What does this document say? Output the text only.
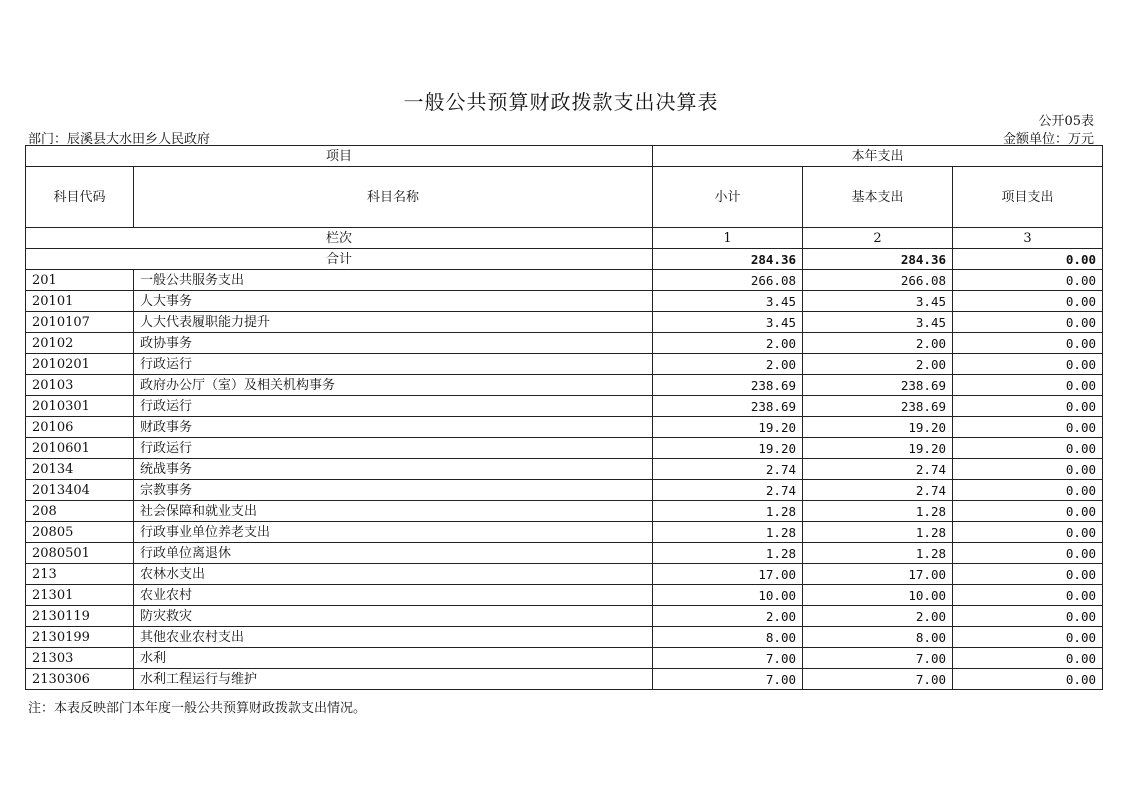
一般公共预算财政拨款支出决算表
公开05表
部门：辰溪县大水田乡人民政府	金额单位：万元
项目		本年支出		
科目代码	科目名称	小计	基本支出	项目支出
栏次		1	2	3
合计		284.36	284.36	0.00
201	一般公共服务支出	266.08	266.08	0.00
20101	人大事务	3.45	3.45	0.00
2010107	人大代表履职能力提升	3.45	3.45	0.00
20102	政协事务	2.00	2.00	0.00
2010201	行政运行	2.00	2.00	0.00
20103	政府办公厅（室）及相关机构事务	238.69	238.69	0.00
2010301	行政运行	238.69	238.69	0.00
20106	财政事务	19.20	19.20	0.00
2010601	行政运行	19.20	19.20	0.00
20134	统战事务	2.74	2.74	0.00
2013404	宗教事务	2.74	2.74	0.00
208	社会保障和就业支出	1.28	1.28	0.00
20805	行政事业单位养老支出	1.28	1.28	0.00
2080501	行政单位离退休	1.28	1.28	0.00
213	农林水支出	17.00	17.00	0.00
21301	农业农村	10.00	10.00	0.00
2130119	防灾救灾	2.00	2.00	0.00
2130199	其他农业农村支出	8.00	8.00	0.00
21303	水利	7.00	7.00	0.00
2130306	水利工程运行与维护	7.00	7.00	0.00
注：本表反映部门本年度一般公共预算财政拨款支出情况。
